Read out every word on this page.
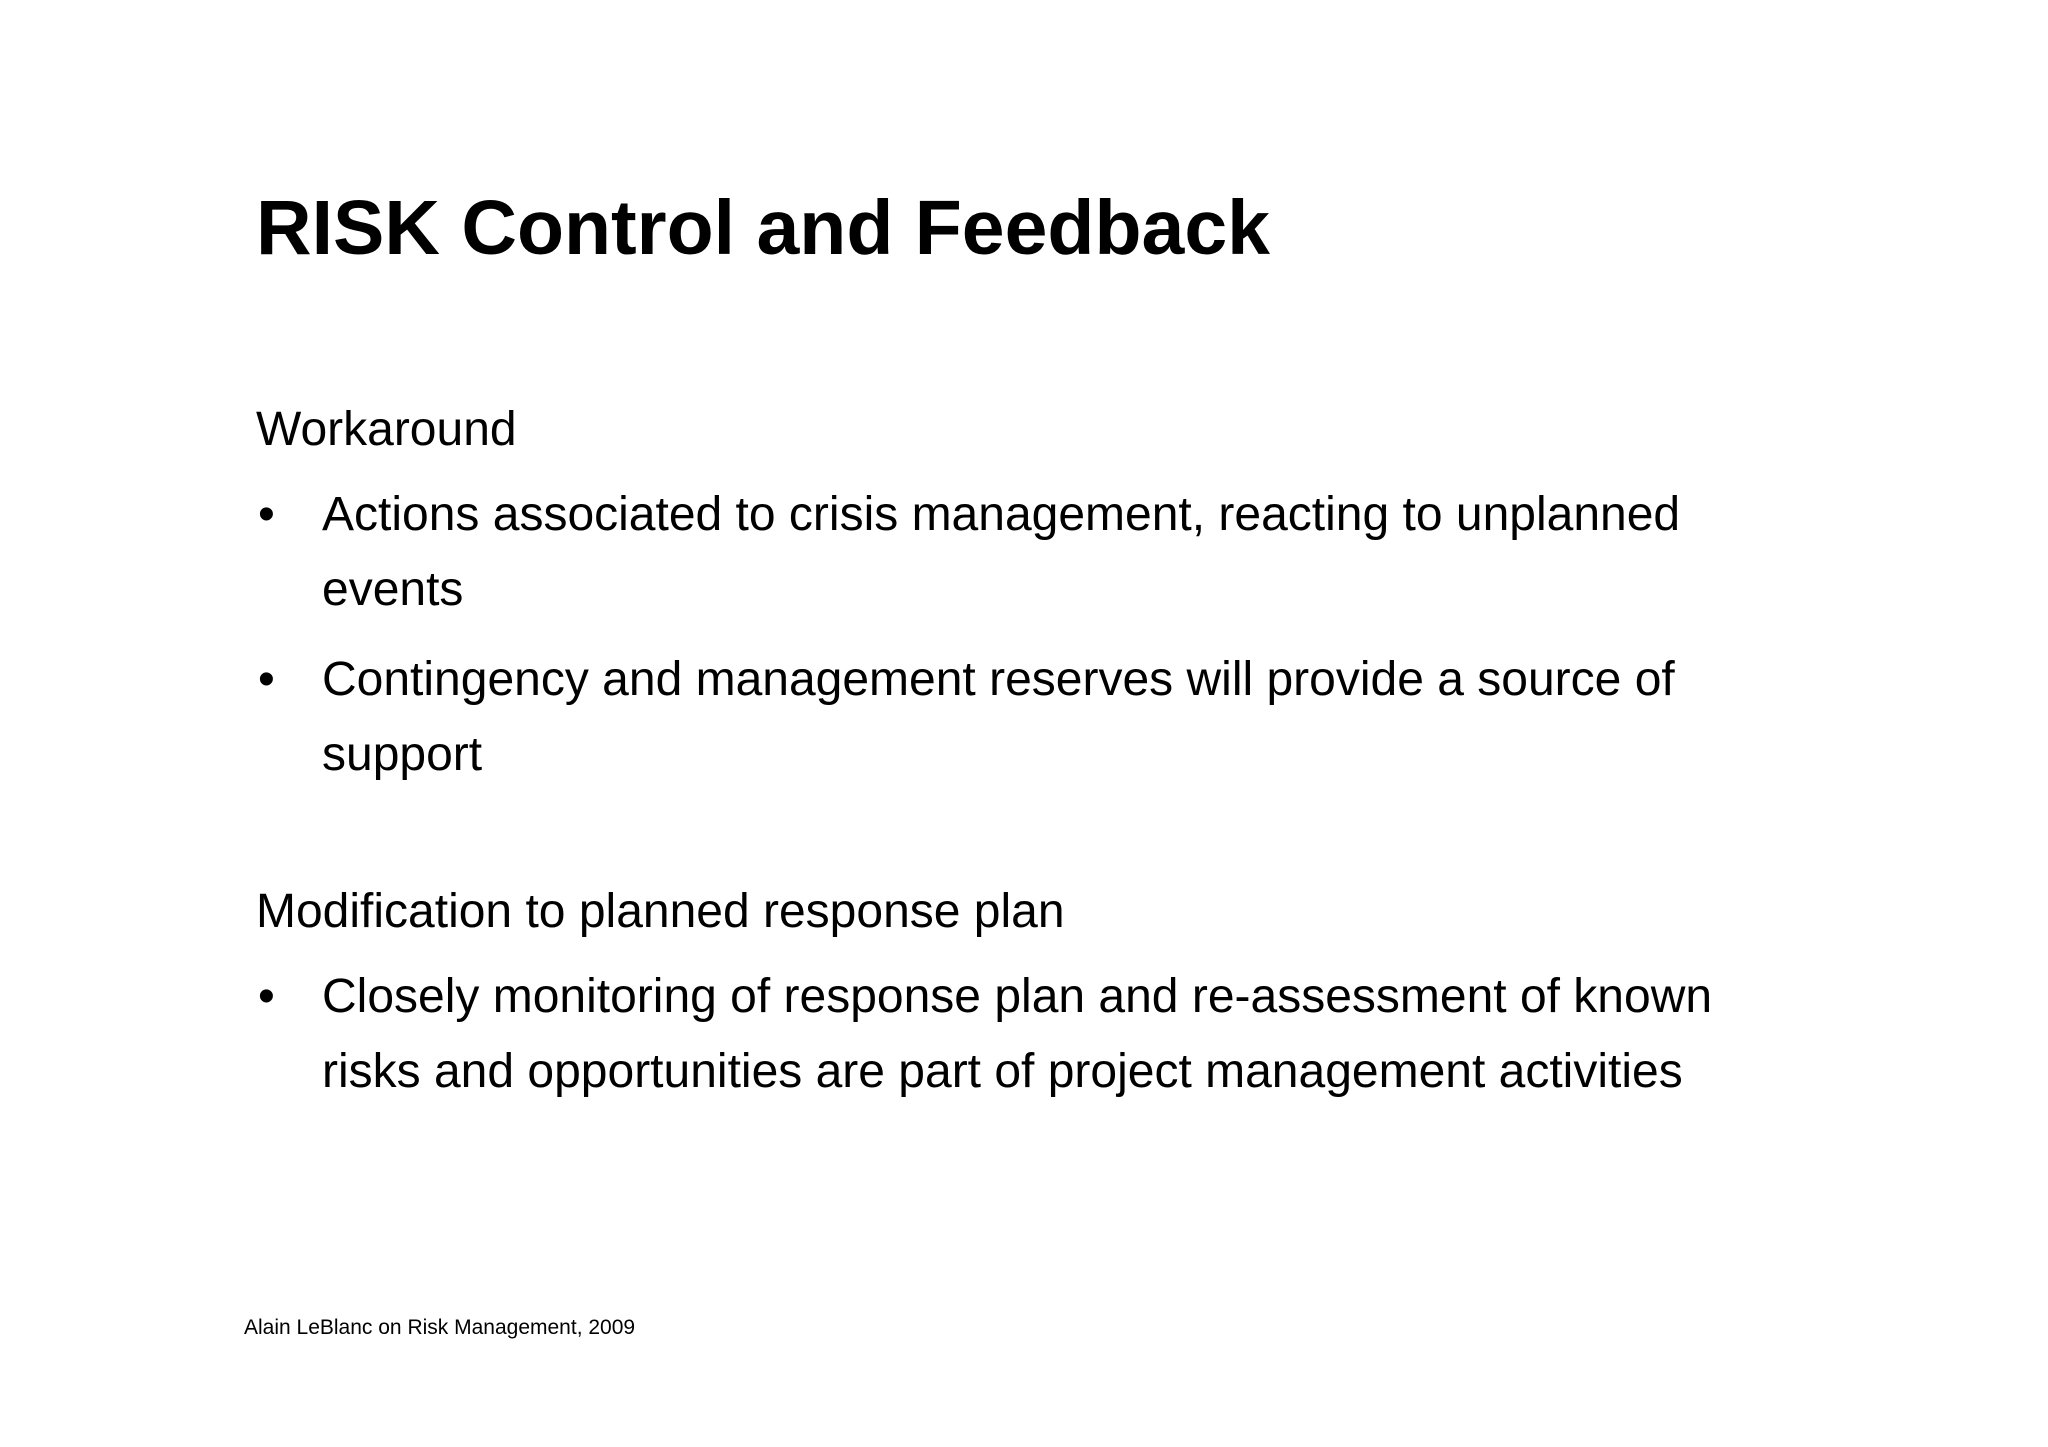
RISK Control and Feedback

Workaround

• Actions associated to crisis management, reacting to unplanned events
• Contingency and management reserves will provide a source of support

Modification to planned response plan

• Closely monitoring of response plan and re-assessment of known risks and opportunities are part of project management activities
Alain LeBlanc on Risk Management, 2009
